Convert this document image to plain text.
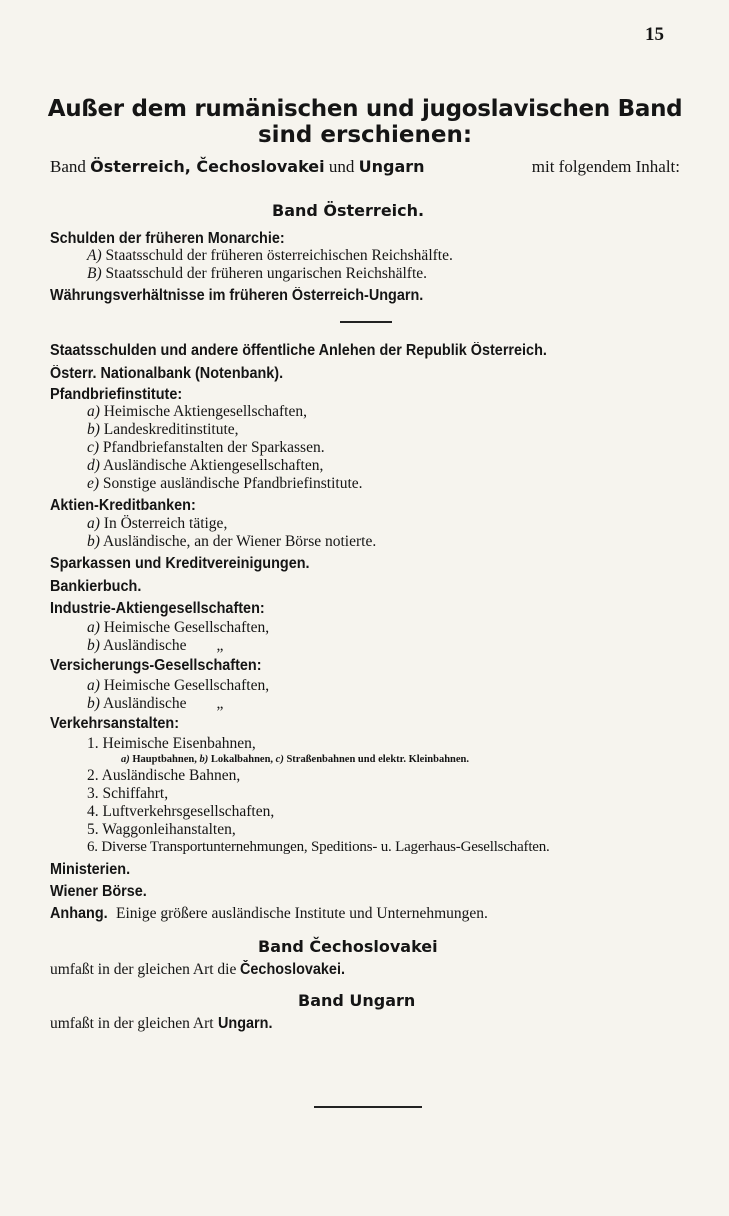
15
Außer dem rumänischen und jugoslavischen Band
sind erschienen:
Band Österreich, Čechoslovakei und Ungarn	mit folgendem Inhalt:
Band Österreich.
Schulden der früheren Monarchie:
A) Staatsschuld der früheren österreichischen Reichshälfte.
B) Staatsschuld der früheren ungarischen Reichshälfte.
Währungsverhältnisse im früheren Österreich-Ungarn.
Staatsschulden und andere öffentliche Anlehen der Republik Österreich.
Österr. Nationalbank (Notenbank).
Pfandbriefinstitute:
a) Heimische Aktiengesellschaften,
b) Landeskreditinstitute,
c) Pfandbriefanstalten der Sparkassen.
d) Ausländische Aktiengesellschaften,
e) Sonstige ausländische Pfandbriefinstitute.
Aktien-Kreditbanken:
a) In Österreich tätige,
b) Ausländische, an der Wiener Börse notierte.
Sparkassen und Kreditvereinigungen.
Bankierbuch.
Industrie-Aktiengesellschaften:
a) Heimische Gesellschaften,
b) Ausländische „
Versicherungs-Gesellschaften:
a) Heimische Gesellschaften,
b) Ausländische „
Verkehrsanstalten:
1. Heimische Eisenbahnen,
a) Hauptbahnen, b) Lokalbahnen, c) Straßenbahnen und elektr. Kleinbahnen.
2. Ausländische Bahnen,
3. Schiffahrt,
4. Luftverkehrsgesellschaften,
5. Waggonleihanstalten,
6. Diverse Transportunternehmungen, Speditions- u. Lagerhaus-Gesellschaften.
Ministerien.
Wiener Börse.
Anhang. Einige größere ausländische Institute und Unternehmungen.
Band Čechoslovakei
umfaßt in der gleichen Art die Čechoslovakei.
Band Ungarn
umfaßt in der gleichen Art Ungarn.
